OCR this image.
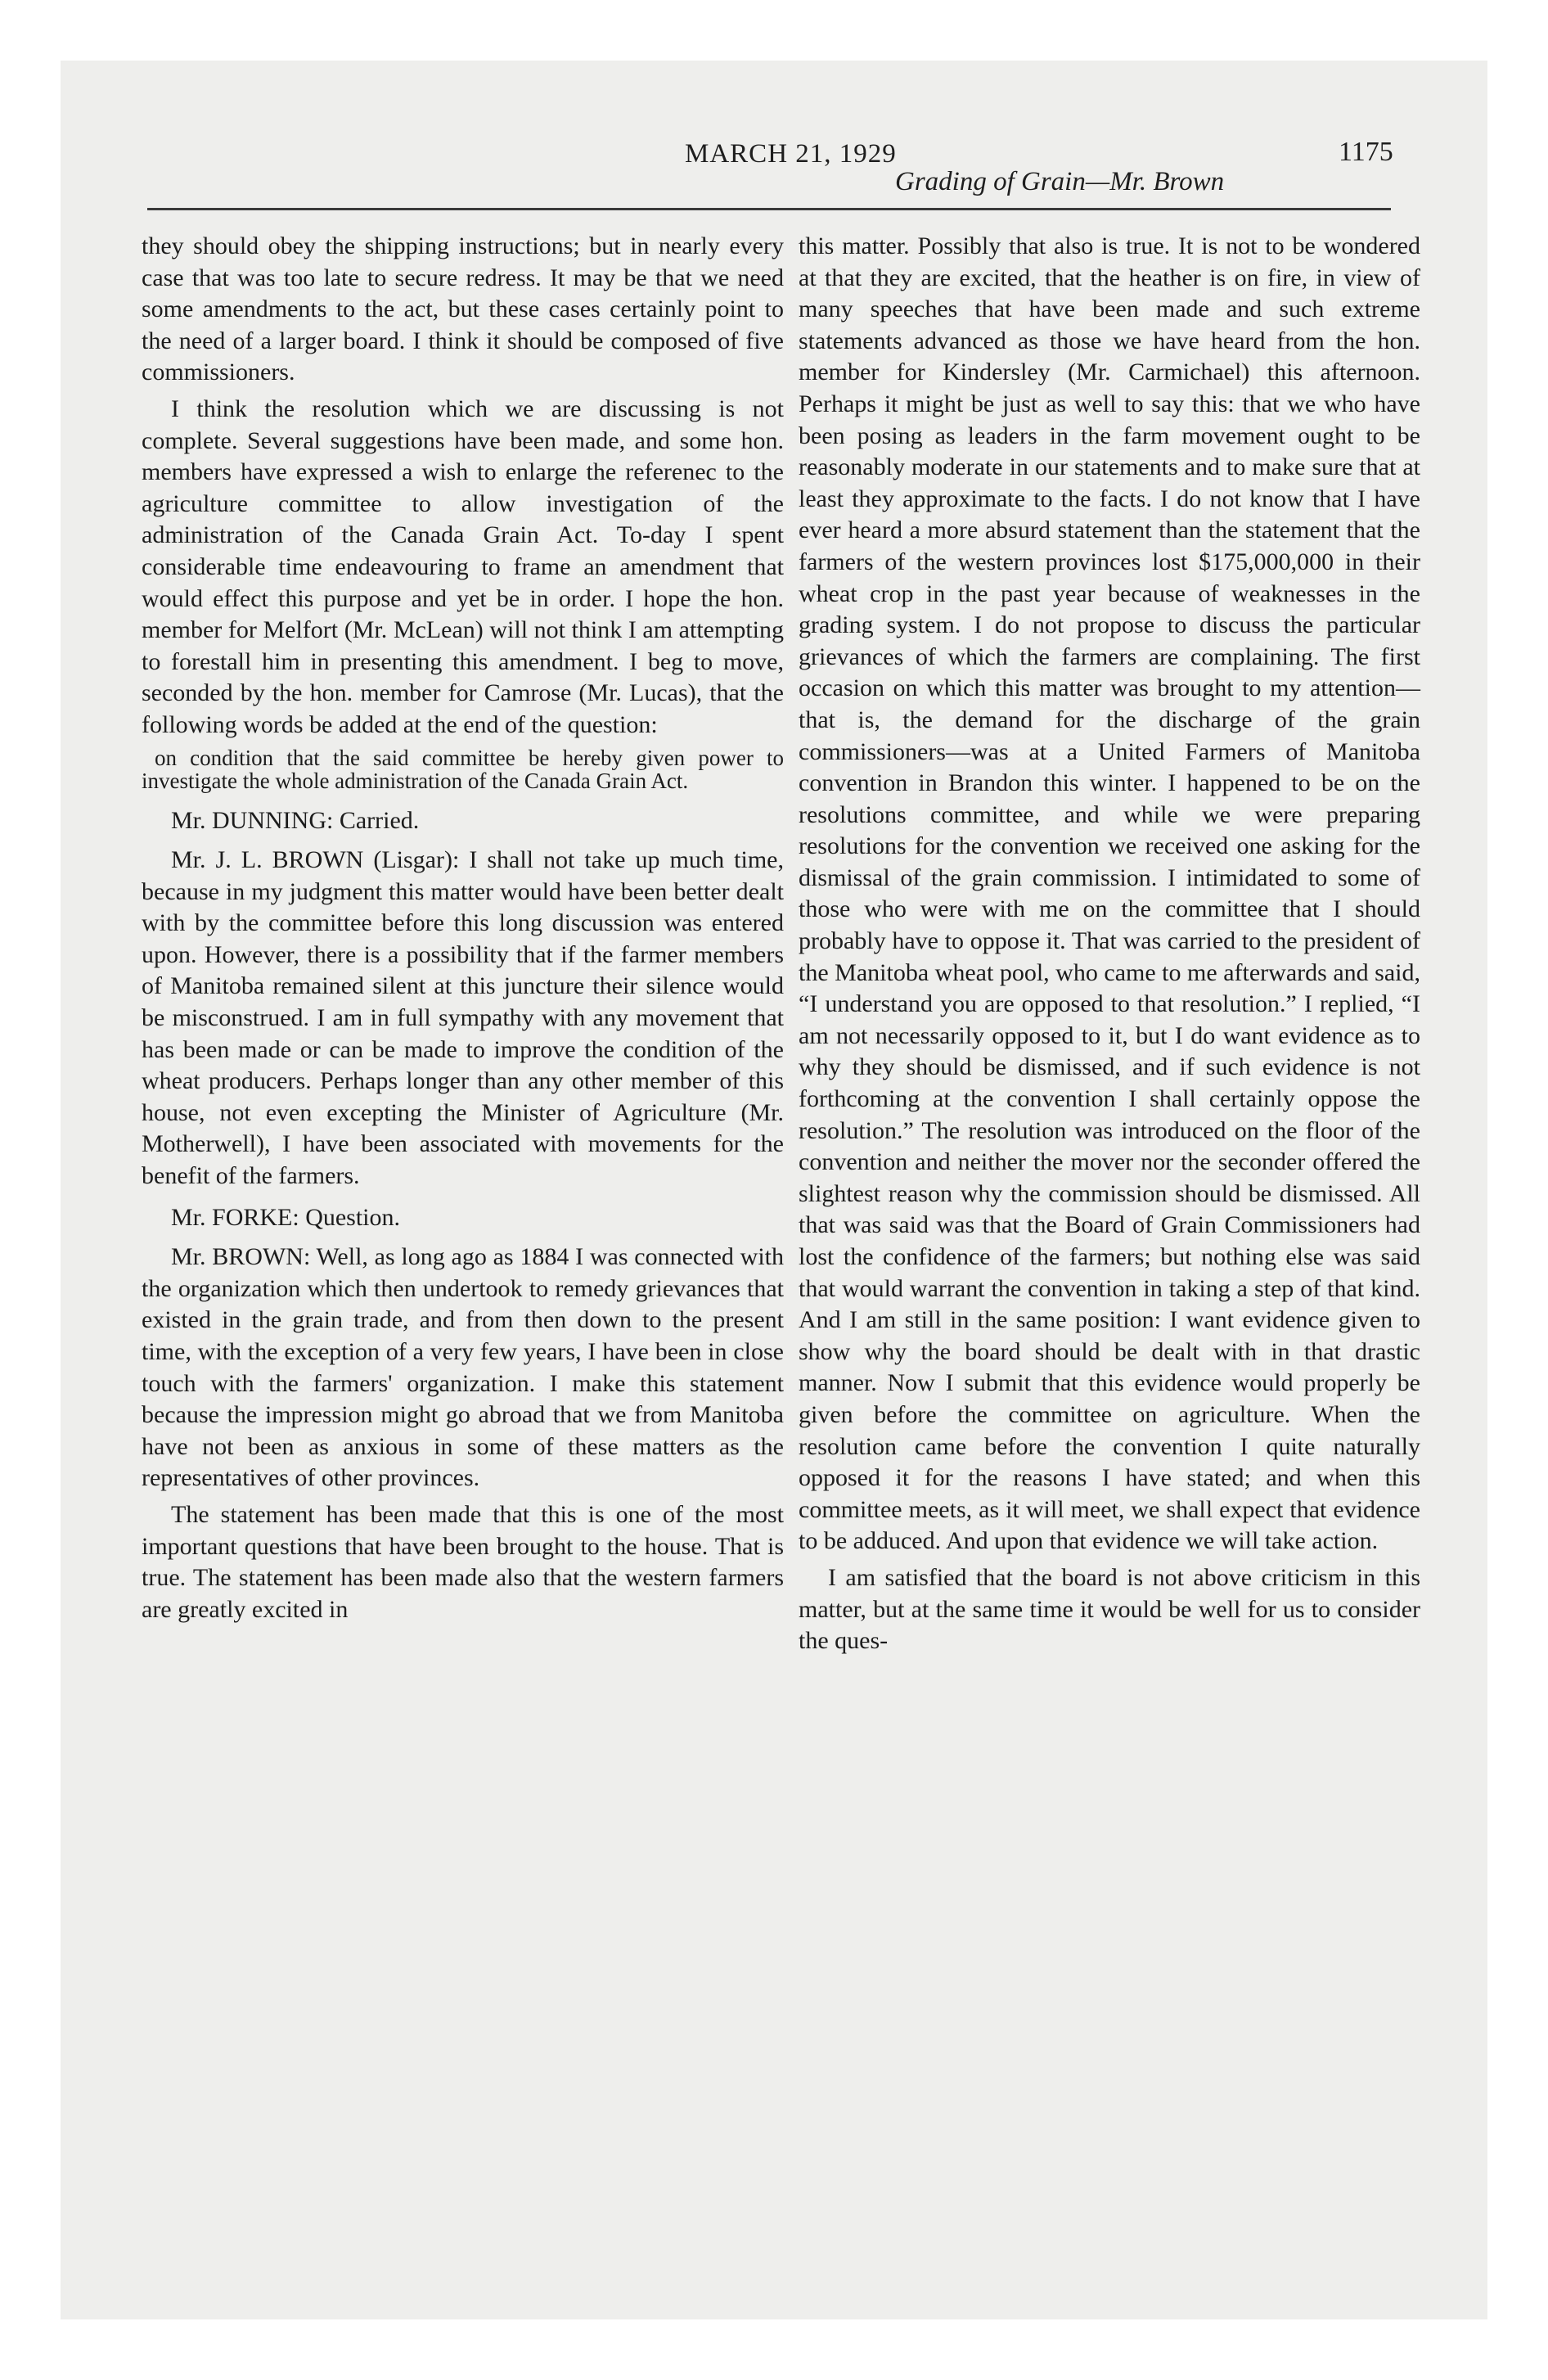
MARCH 21, 1929	1175
Grading of Grain—Mr. Brown

they should obey the shipping instructions; but in nearly every case that was too late to secure redress. It may be that we need some amendments to the act, but these cases certainly point to the need of a larger board. I think it should be composed of five commissioners.

I think the resolution which we are discussing is not complete. Several suggestions have been made, and some hon. members have expressed a wish to enlarge the referenec to the agriculture committee to allow investigation of the administration of the Canada Grain Act. To-day I spent considerable time endeavouring to frame an amendment that would effect this purpose and yet be in order. I hope the hon. member for Melfort (Mr. McLean) will not think I am attempting to forestall him in presenting this amendment. I beg to move, seconded by the hon. member for Camrose (Mr. Lucas), that the following words be added at the end of the question:

on condition that the said committee be hereby given power to investigate the whole administration of the Canada Grain Act.

Mr. DUNNING: Carried.

Mr. J. L. BROWN (Lisgar): I shall not take up much time, because in my judgment this matter would have been better dealt with by the committee before this long discussion was entered upon. However, there is a possibility that if the farmer members of Manitoba remained silent at this juncture their silence would be misconstrued. I am in full sympathy with any movement that has been made or can be made to improve the condition of the wheat producers. Perhaps longer than any other member of this house, not even excepting the Minister of Agriculture (Mr. Motherwell), I have been associated with movements for the benefit of the farmers.

Mr. FORKE: Question.

Mr. BROWN: Well, as long ago as 1884 I was connected with the organization which then undertook to remedy grievances that existed in the grain trade, and from then down to the present time, with the exception of a very few years, I have been in close touch with the farmers' organization. I make this statement because the impression might go abroad that we from Manitoba have not been as anxious in some of these matters as the representatives of other provinces.

The statement has been made that this is one of the most important questions that have been brought to the house. That is true. The statement has been made also that the western farmers are greatly excited in

this matter. Possibly that also is true. It is not to be wondered at that they are excited, that the heather is on fire, in view of many speeches that have been made and such extreme statements advanced as those we have heard from the hon. member for Kindersley (Mr. Carmichael) this afternoon. Perhaps it might be just as well to say this: that we who have been posing as leaders in the farm movement ought to be reasonably moderate in our statements and to make sure that at least they approximate to the facts. I do not know that I have ever heard a more absurd statement than the statement that the farmers of the western provinces lost $175,000,000 in their wheat crop in the past year because of weaknesses in the grading system. I do not propose to discuss the particular grievances of which the farmers are complaining. The first occasion on which this matter was brought to my attention—that is, the demand for the discharge of the grain commissioners—was at a United Farmers of Manitoba convention in Brandon this winter. I happened to be on the resolutions committee, and while we were preparing resolutions for the convention we received one asking for the dismissal of the grain commission. I intimidated to some of those who were with me on the committee that I should probably have to oppose it. That was carried to the president of the Manitoba wheat pool, who came to me afterwards and said, “I understand you are opposed to that resolution.” I replied, “I am not necessarily opposed to it, but I do want evidence as to why they should be dismissed, and if such evidence is not forthcoming at the convention I shall certainly oppose the resolution.” The resolution was introduced on the floor of the convention and neither the mover nor the seconder offered the slightest reason why the commission should be dismissed. All that was said was that the Board of Grain Commissioners had lost the confidence of the farmers; but nothing else was said that would warrant the convention in taking a step of that kind. And I am still in the same position: I want evidence given to show why the board should be dealt with in that drastic manner. Now I submit that this evidence would properly be given before the committee on agriculture. When the resolution came before the convention I quite naturally opposed it for the reasons I have stated; and when this committee meets, as it will meet, we shall expect that evidence to be adduced. And upon that evidence we will take action.

I am satisfied that the board is not above criticism in this matter, but at the same time it would be well for us to consider the ques-
